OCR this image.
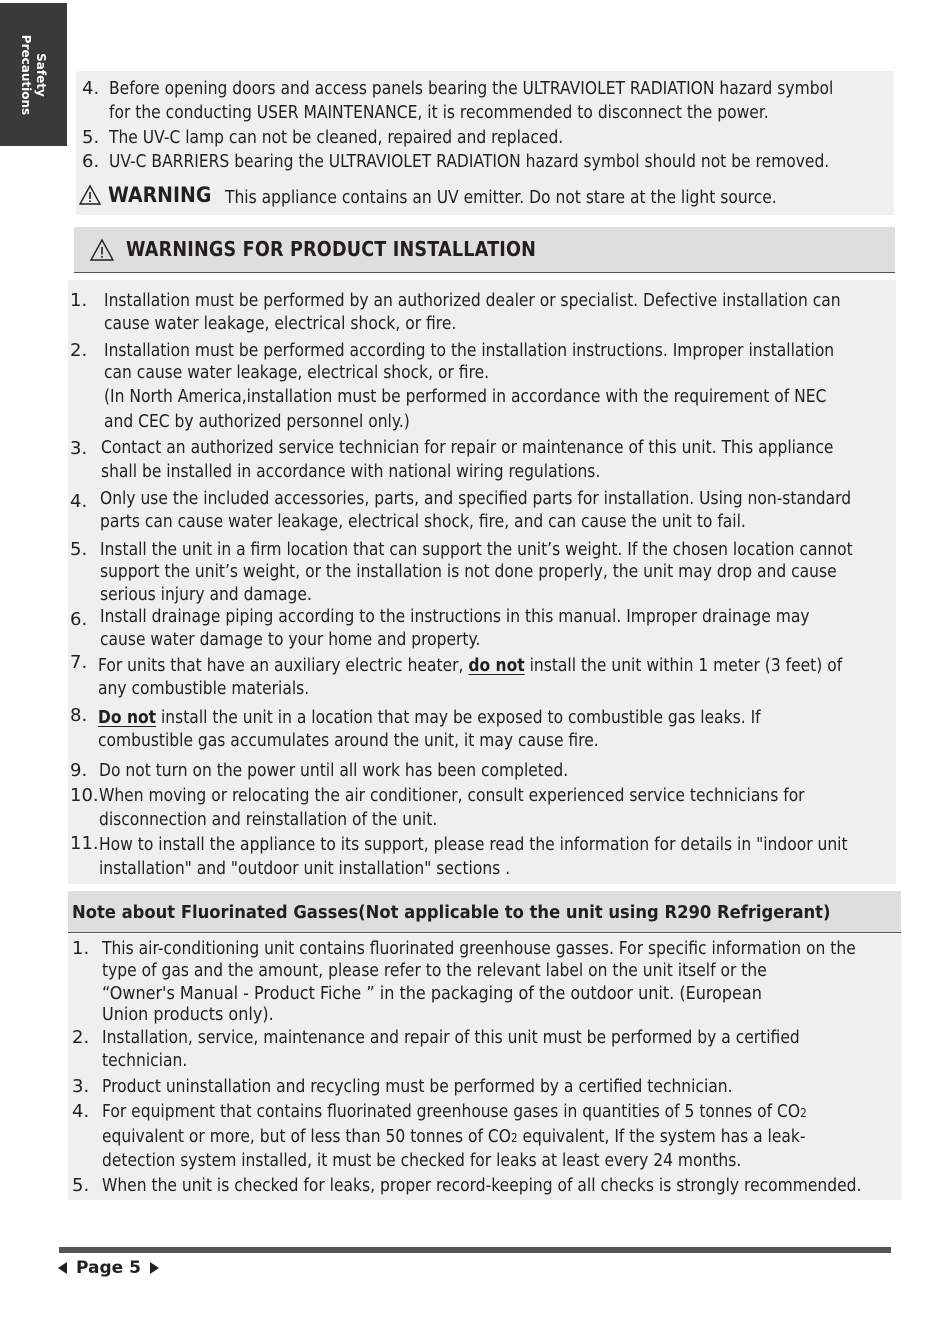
Safety
Precautions	4. Before opening doors and access panels bearing the ULTRAVIOLET RADIATION hazard symbol
for the conducting USER MAINTENANCE, it is recommended to disconnect the power.
5. The UV-C lamp can not be cleaned, repaired and replaced.
6. UV-C BARRIERS bearing the ULTRAVIOLET RADIATION hazard symbol should not be removed.
WARNING This appliance contains an UV emitter. Do not stare at the light source.
WARNINGS FOR PRODUCT INSTALLATION
1. Installation must be performed by an authorized dealer or specialist. Defective installation can
cause water leakage, electrical shock, or fire.
2. Installation must be performed according to the installation instructions. Improper installation
can cause water leakage, electrical shock, or fire.
(In North America,installation must be performed in accordance with the requirement of NEC
and CEC by authorized personnel only.)
3. Contact an authorized service technician for repair or maintenance of this unit. This appliance
shall be installed in accordance with national wiring regulations.
4. Only use the included accessories, parts, and specified parts for installation. Using non-standard
parts can cause water leakage, electrical shock, fire, and can cause the unit to fail.
5. Install the unit in a firm location that can support the unit’s weight. If the chosen location cannot
support the unit’s weight, or the installation is not done properly, the unit may drop and cause
serious injury and damage.
6. Install drainage piping according to the instructions in this manual. Improper drainage may
cause water damage to your home and property.
7. For units that have an auxiliary electric heater, do not install the unit within 1 meter (3 feet) of
any combustible materials.
8. Do not install the unit in a location that may be exposed to combustible gas leaks. If
combustible gas accumulates around the unit, it may cause fire.
9. Do not turn on the power until all work has been completed.
10. When moving or relocating the air conditioner, consult experienced service technicians for
disconnection and reinstallation of the unit.
11. How to install the appliance to its support, please read the information for details in "indoor unit
installation" and "outdoor unit installation" sections .
Note about Fluorinated Gasses(Not applicable to the unit using R290 Refrigerant)
1. This air-conditioning unit contains fluorinated greenhouse gasses. For specific information on the
type of gas and the amount, please refer to the relevant label on the unit itself or the
“Owner's Manual - Product Fiche ” in the packaging of the outdoor unit. (European
Union products only).
2. Installation, service, maintenance and repair of this unit must be performed by a certified
technician.
3. Product uninstallation and recycling must be performed by a certified technician.
4. For equipment that contains fluorinated greenhouse gases in quantities of 5 tonnes of CO2
equivalent or more, but of less than 50 tonnes of CO2 equivalent, If the system has a leak-
detection system installed, it must be checked for leaks at least every 24 months.
5. When the unit is checked for leaks, proper record-keeping of all checks is strongly recommended.
Page 5
